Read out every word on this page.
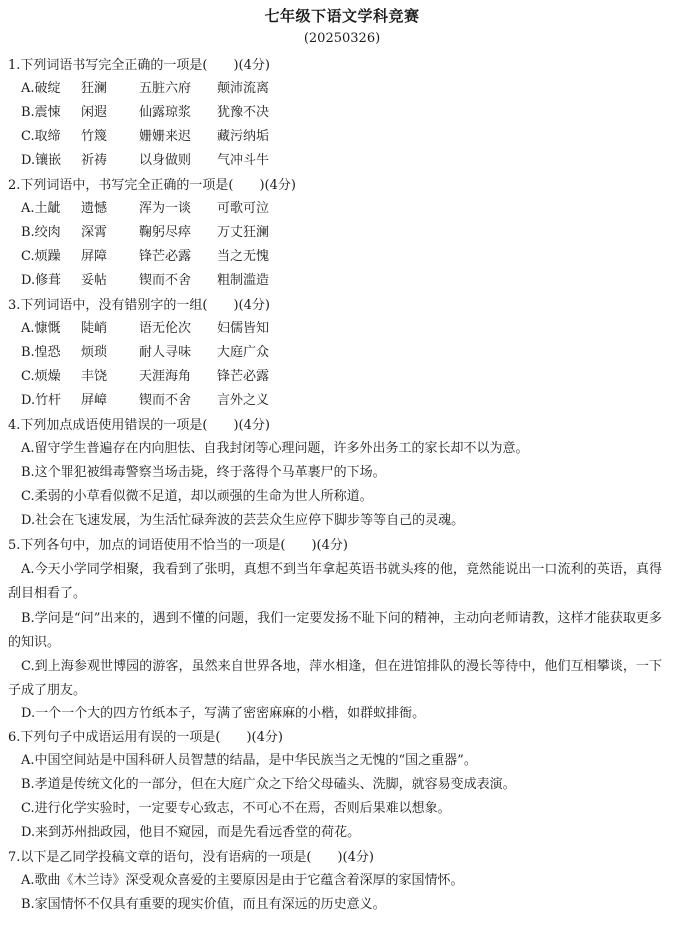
七年级下语文学科竞赛
(20250326)
1.下列词语书写完全正确的一项是(　　)(4分)
A.破绽 狂澜 五脏六府 颠沛流离
B.震悚 闲遐 仙露琼浆 犹豫不决
C.取缔 竹篾 姗姗来迟 藏污纳垢
D.镶嵌 祈祷 以身做则 气冲斗牛
2.下列词语中，书写完全正确的一项是(　　)(4分)
A.土龇 遗憾 浑为一谈 可歌可泣
B.绞肉 深霄 鞠躬尽瘁 万丈狂澜
C.烦躁 屏障 锋芒必露 当之无愧
D.修葺 妥帖 锲而不舍 粗制滥造
3.下列词语中，没有错别字的一组(　　)(4分)
A.慷慨 陡峭 语无伦次 妇儒皆知
B.惶恐 烦琐 耐人寻味 大庭广众
C.烦燥 丰饶 天涯海角 锋芒必露
D.竹杆 屏嶂 锲而不舍 言外之义
4.下列加点成语使用错误的一项是(　　)(4分)
A.留守学生普遍存在内向胆怯、自我封闭等心理问题，许多外出务工的家长却不以为意。
B.这个罪犯被缉毒警察当场击毙，终于落得个马革裹尸的下场。
C.柔弱的小草看似微不足道，却以顽强的生命为世人所称道。
D.社会在飞速发展，为生活忙碌奔波的芸芸众生应停下脚步等等自己的灵魂。
5.下列各句中，加点的词语使用不恰当的一项是(　　)(4分)
A.今天小学同学相聚，我看到了张明，真想不到当年拿起英语书就头疼的他，竟然能说出一口流利的英语，真得刮目相看了。
B.学问是“问”出来的，遇到不懂的问题，我们一定要发扬不耻下问的精神，主动向老师请教，这样才能获取更多的知识。
C.到上海参观世博园的游客，虽然来自世界各地，萍水相逢，但在进馆排队的漫长等待中，他们互相攀谈，一下子成了朋友。
D.一个一个大的四方竹纸本子，写满了密密麻麻的小楷，如群蚁排衙。
6.下列句子中成语运用有误的一项是(　　)(4分)
A.中国空间站是中国科研人员智慧的结晶，是中华民族当之无愧的“国之重器”。
B.孝道是传统文化的一部分，但在大庭广众之下给父母磕头、洗脚，就容易变成表演。
C.进行化学实验时，一定要专心致志，不可心不在焉，否则后果难以想象。
D.来到苏州拙政园，他目不窥园，而是先看远香堂的荷花。
7.以下是乙同学投稿文章的语句，没有语病的一项是(　　)(4分)
A.歌曲《木兰诗》深受观众喜爱的主要原因是由于它蕴含着深厚的家国情怀。
B.家国情怀不仅具有重要的现实价值，而且有深远的历史意义。
